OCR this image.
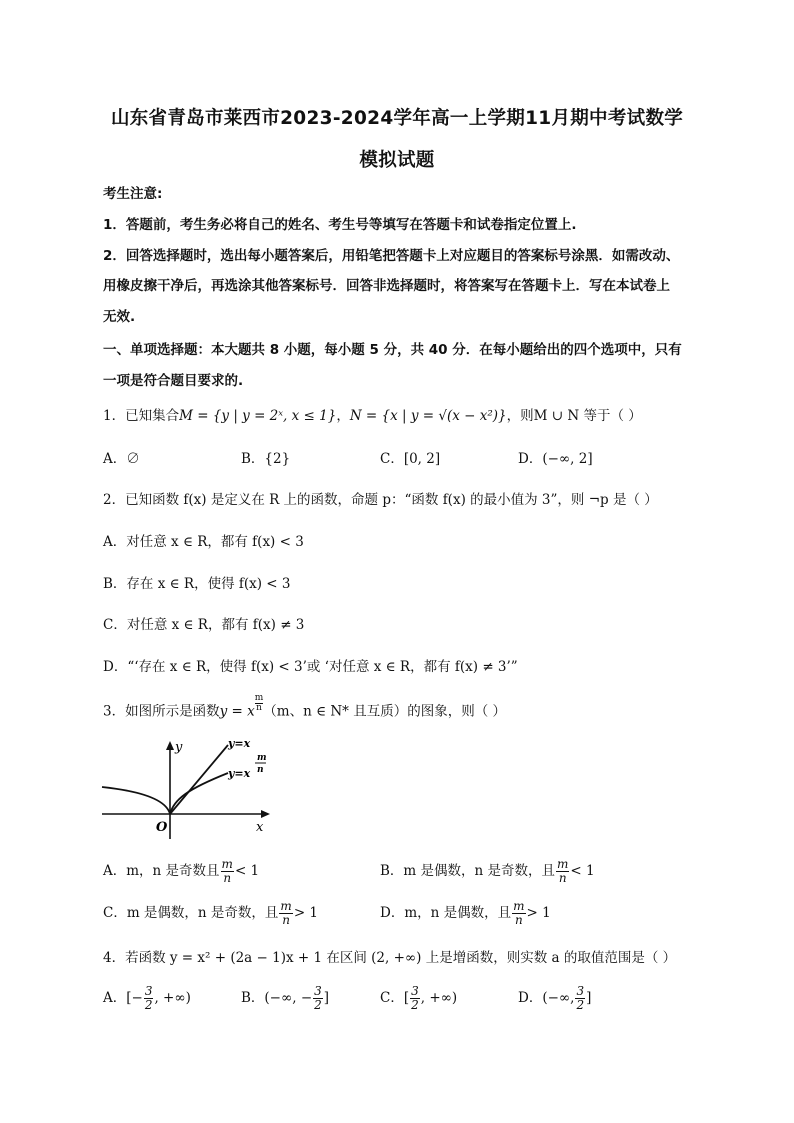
山东省青岛市莱西市2023-2024学年高一上学期11月期中考试数学
模拟试题
考生注意:
1．答题前，考生务必将自己的姓名、考生号等填写在答题卡和试卷指定位置上.
2．回答选择题时，选出每小题答案后，用铅笔把答题卡上对应题目的答案标号涂黑．如需改动、
用橡皮擦干净后，再选涂其他答案标号．回答非选择题时，将答案写在答题卡上．写在本试卷上
无效.
一、单项选择题：本大题共 8 小题，每小题 5 分，共 40 分．在每小题给出的四个选项中，只有
一项是符合题目要求的.
1．已知集合M = {y | y = 2ˣ, x ≤ 1}，N = {x | y = √(x − x²)}，则M ∪ N 等于（ ）
A．∅	B．{2}	C．[0, 2]	D．(−∞, 2]
2．已知函数 f(x) 是定义在 R 上的函数，命题 p：“函数 f(x) 的最小值为 3”，则 ¬p 是（ ）
A．对任意 x ∈ R，都有 f(x) < 3
B．存在 x ∈ R，使得 f(x) < 3
C．对任意 x ∈ R，都有 f(x) ≠ 3
D．“‘存在 x ∈ R，使得 f(x) < 3’或 ‘对任意 x ∈ R，都有 f(x) ≠ 3’”
3．如图所示是函数y = x $\frac{m}{n} (m$、n ∈ N* 且互质）的图象，则（ ）
y
x
O
y=x
y=x
m
n
A．m，n 是奇数且 $\frac{m}{n} < 1$	B．m 是偶数，n 是奇数，且 $\frac{m}{n} < 1$
C．m 是偶数，n 是奇数，且 $\frac{m}{n} > 1$	D．m，n 是偶数，且 $\frac{m}{n} > 1$
4．若函数 y = x² + (2a − 1)x + 1 在区间 (2, +∞) 上是增函数，则实数 a 的取值范围是（ ）
A．[− $\frac{3}{2}$ , +∞)	B．(−∞, − $\frac{3}{2}$ ]	C．[ $\frac{3}{2}$ , +∞)	D．(−∞, $\frac{3}{2}$ ]
